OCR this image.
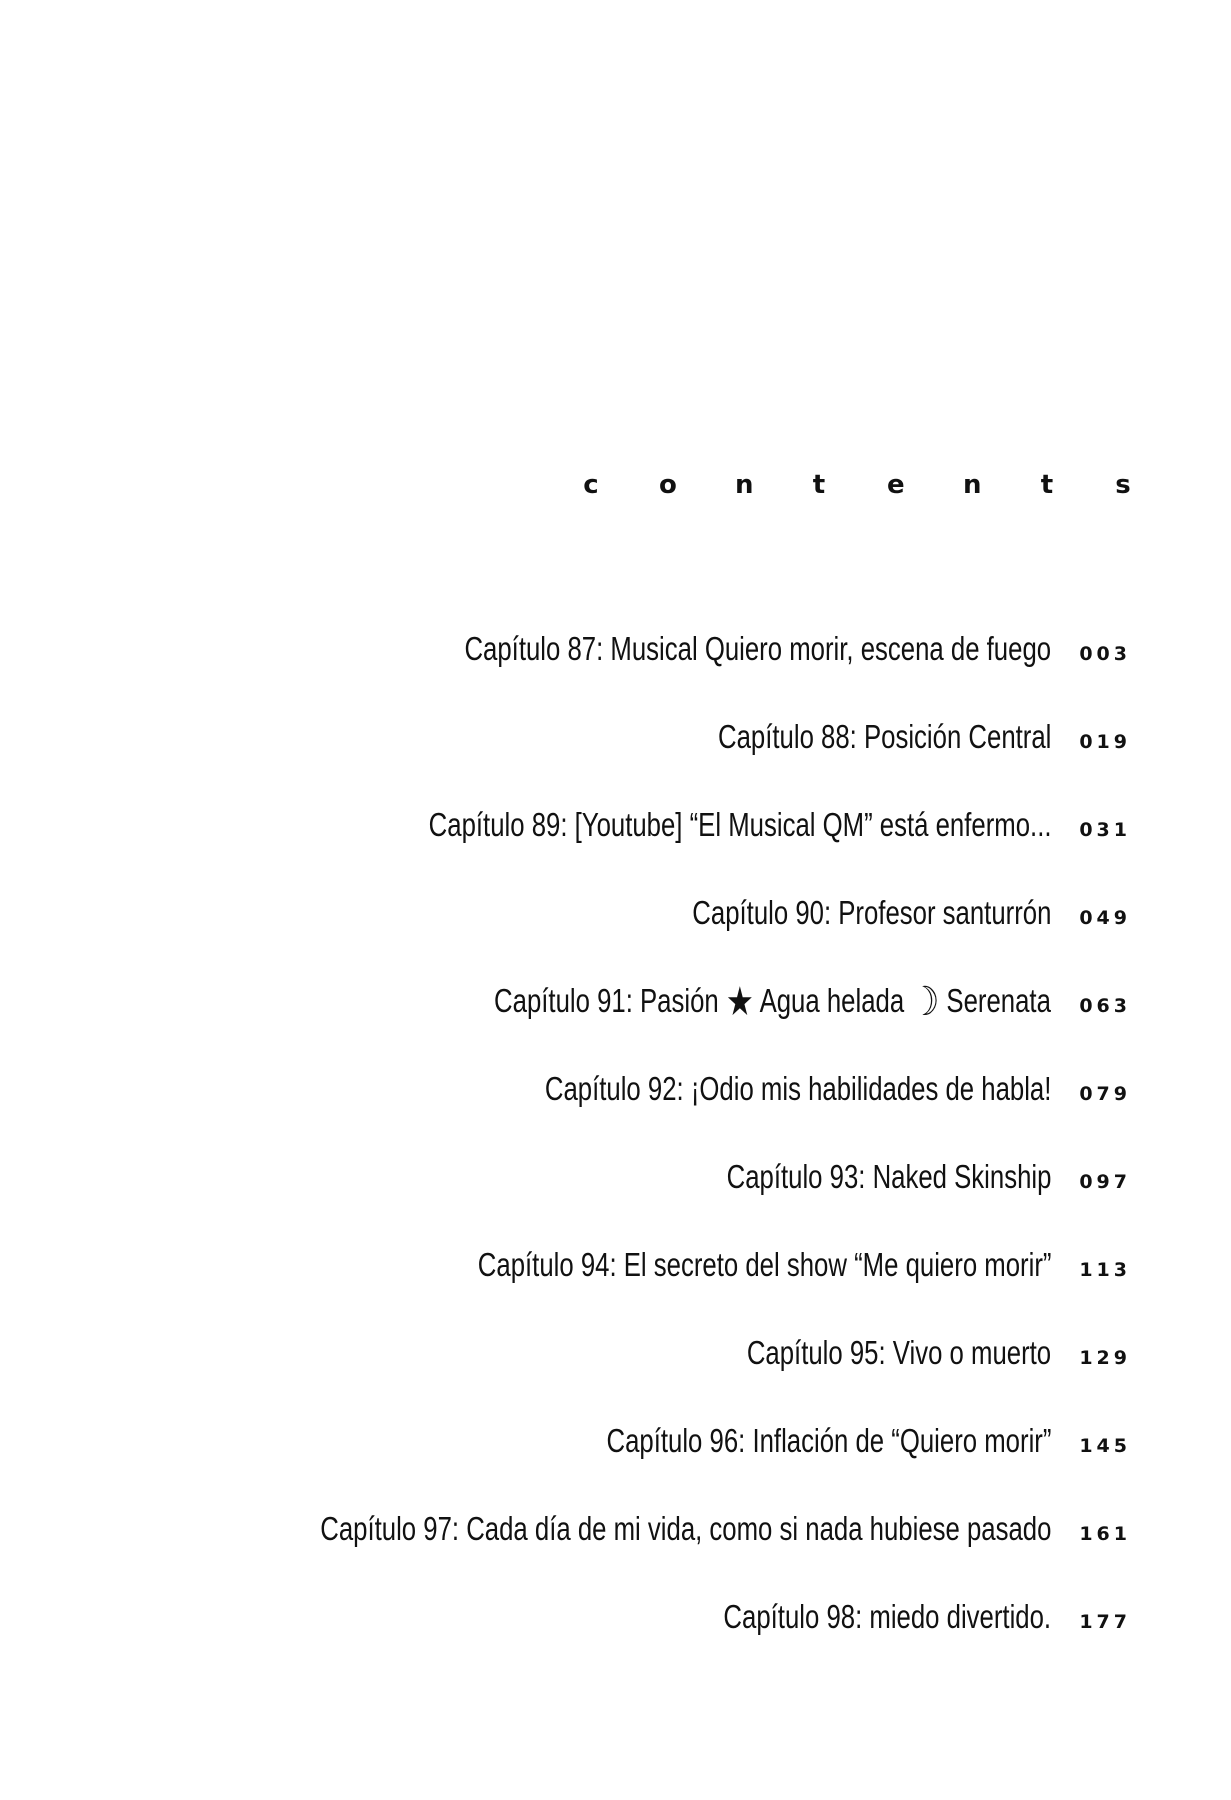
c o n t e n t s
Capítulo 87: Musical Quiero morir, escena de fuego	003
Capítulo 88: Posición Central	019
Capítulo 89: [Youtube] “El Musical QM” está enfermo...	031
Capítulo 90: Profesor santurrón	049
Capítulo 91: Pasión ★ Agua helada ☽ Serenata	063
Capítulo 92: ¡Odio mis habilidades de habla!	079
Capítulo 93: Naked Skinship	097
Capítulo 94: El secreto del show “Me quiero morir”	113
Capítulo 95: Vivo o muerto	129
Capítulo 96: Inflación de “Quiero morir”	145
Capítulo 97: Cada día de mi vida, como si nada hubiese pasado	161
Capítulo 98: miedo divertido.	177
